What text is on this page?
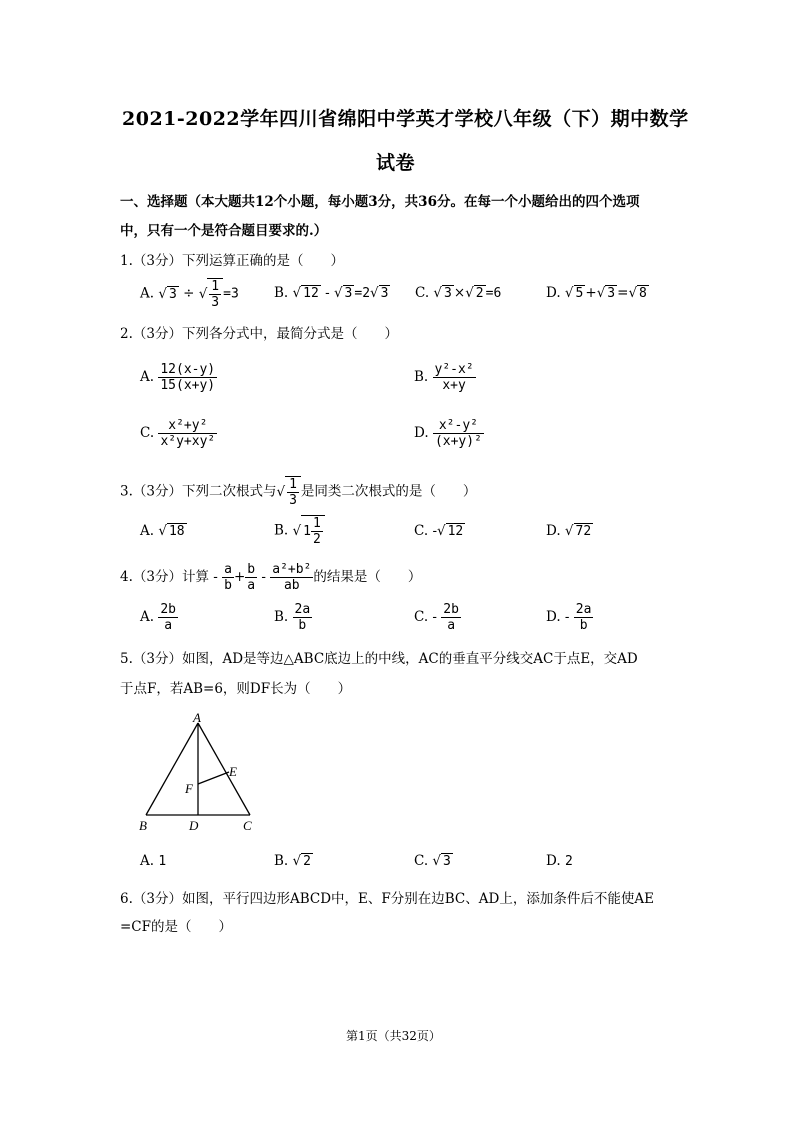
2021-2022学年四川省绵阳中学英才学校八年级（下）期中数学
试卷
一、选择题（本大题共12个小题，每小题3分，共36分。在每一个小题给出的四个选项
中，只有一个是符合题目要求的.）
1.（3分）下列运算正确的是（　　）
A. √ 3 ÷ √ $\frac{1}{3} =3$	B. √ 12 - √ 3 =2√ 3 C. √ 3 ×√ 2 =6	D. √ 5 +√ 3 =√ 8
2.（3分）下列各分式中，最简分式是（　　）
A. $\frac{12(x-y)}{15(x+y)}$	B. $\frac{\text{y²-x²}}{x+y}$
C. $\frac{\text{x²+y²}}{\text{x²y+xy²}}$	D. $\frac{\text{x²-y²}}{\text{(x+y)²}}$
3.（3分）下列二次根式与√ $\frac{1}{3}$ 是同类二次根式的是（　　）
A. √ 18	B. √ $1 \frac{1}{2}$	C. -√ 12	D. √ 72
4.（3分）计算 - $\frac{a}{b} + \frac{b}{a} - \frac{\text{a²+b²}}{ab}$ 的结果是（　　）
A. $\frac{2b}{a}$	B. $\frac{2a}{b}$	C. - $\frac{2b}{a}$	D. - $\frac{2a}{b}$
5.（3分）如图，AD是等边△ABC底边上的中线，AC的垂直平分线交AC于点E，交AD
于点F，若AB=6，则DF长为（　　）
A
B	C
D
E
F
A. 1	B. √ 2	C. √ 3	D. 2
6.（3分）如图，平行四边形ABCD中，E、F分别在边BC、AD上，添加条件后不能使AE
=CF的是（　　）
第1页（共32页）
